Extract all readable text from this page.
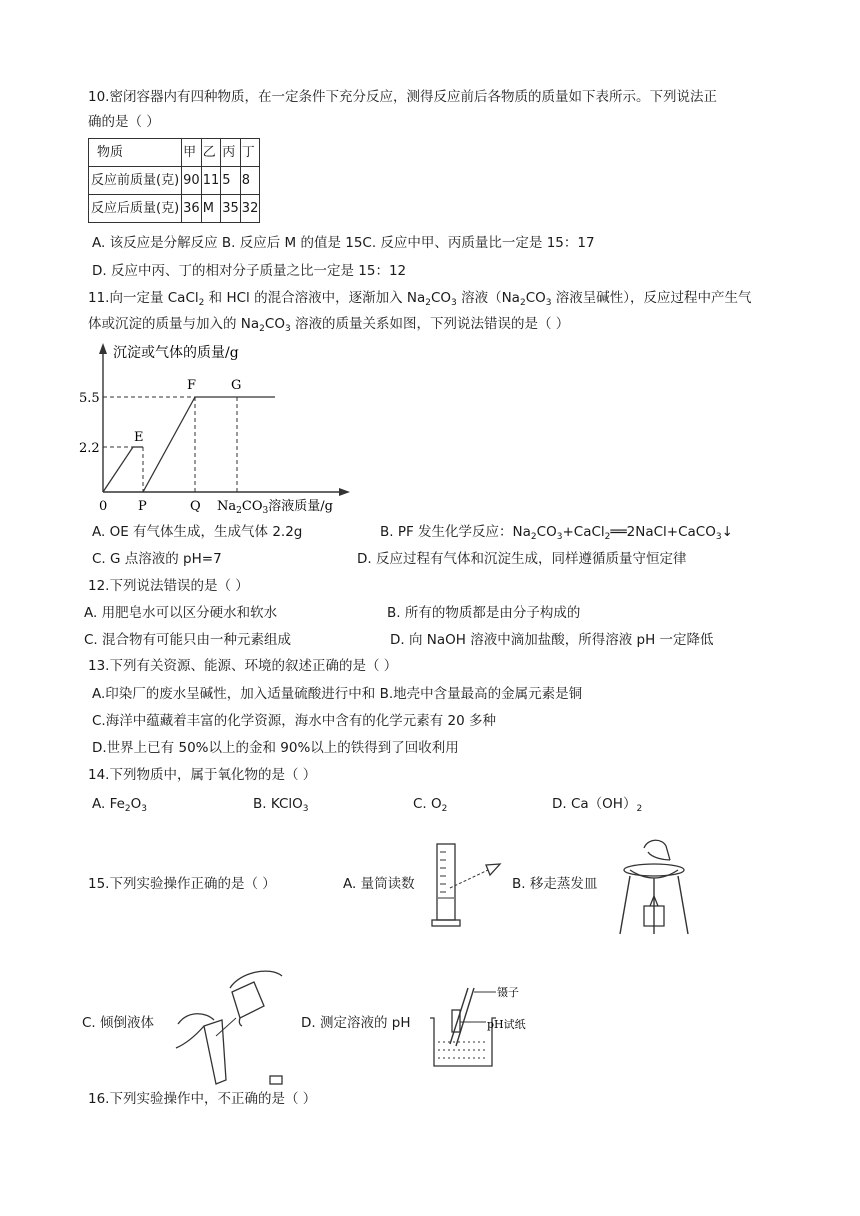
10.密闭容器内有四种物质，在一定条件下充分反应，测得反应前后各物质的质量如下表所示。下列说法正
确的是（ ）
物质	甲	乙	丙	丁
反应前质量(克)	90	11	5	8
反应后质量(克)	36	M	35	32
A. 该反应是分解反应 B. 反应后 M 的值是 15C. 反应中甲、丙质量比一定是 15：17
D. 反应中丙、丁的相对分子质量之比一定是 15：12
11.向一定量 CaCl$_2$ 和 HCl 的混合溶液中，逐渐加入 $Na_2CO_3$ 溶液（$Na_2CO_3$ 溶液呈碱性），反应过程中产生气
体或沉淀的质量与加入的 $Na_2CO_3$ 溶液的质量关系如图，下列说法错误的是（ ）
沉淀或气体的质量/g
5.5
2.2
0
E
F	G
P	Q $Na_2CO_3$溶液质量/g
A. OE 有气体生成，生成气体 2.2g	B. PF 发生化学反应：$Na_2CO_3+CaCl_2══2NaCl+CaCO_3↓$
C. G 点溶液的 pH=7	D. 反应过程有气体和沉淀生成，同样遵循质量守恒定律
12.下列说法错误的是（ ）
A. 用肥皂水可以区分硬水和软水	B. 所有的物质都是由分子构成的
C. 混合物有可能只由一种元素组成	D. 向 NaOH 溶液中滴加盐酸，所得溶液 pH 一定降低
13.下列有关资源、能源、环境的叙述正确的是（ ）
A.印染厂的废水呈碱性，加入适量硫酸进行中和 B.地壳中含量最高的金属元素是铜
C.海洋中蕴藏着丰富的化学资源，海水中含有的化学元素有 20 多种
D.世界上已有 50%以上的金和 90%以上的铁得到了回收利用
14.下列物质中，属于氧化物的是（ ）
A. $Fe_2O_3$	B. KClO$_3$	C. $O_2$	D. $Ca(OH)_2$
15.下列实验操作正确的是（ ）	A. 量筒读数	B. 移走蒸发皿
C. 倾倒液体	D. 测定溶液的 pH
镊子
pH试纸
16.下列实验操作中，不正确的是（ ）
